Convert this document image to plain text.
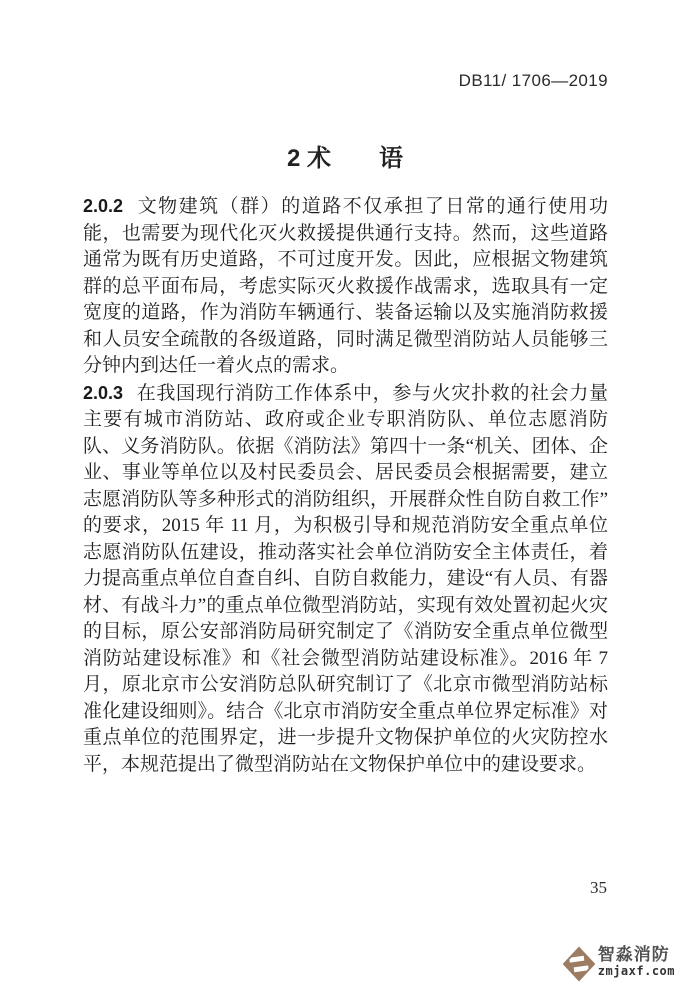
DB11/ 1706—2019
2 术　　语

2.0.2 文物建筑（群）的道路不仅承担了日常的通行使用功能，也需要为现代化灭火救援提供通行支持。然而，这些道路通常为既有历史道路，不可过度开发。因此，应根据文物建筑群的总平面布局，考虑实际灭火救援作战需求，选取具有一定宽度的道路，作为消防车辆通行、装备运输以及实施消防救援和人员安全疏散的各级道路，同时满足微型消防站人员能够三分钟内到达任一着火点的需求。

2.0.3 在我国现行消防工作体系中，参与火灾扑救的社会力量主要有城市消防站、政府或企业专职消防队、单位志愿消防队、义务消防队。依据《消防法》第四十一条“机关、团体、企业、事业等单位以及村民委员会、居民委员会根据需要，建立志愿消防队等多种形式的消防组织，开展群众性自防自救工作”的要求，2015 年 11 月，为积极引导和规范消防安全重点单位志愿消防队伍建设，推动落实社会单位消防安全主体责任，着力提高重点单位自查自纠、自防自救能力，建设“有人员、有器材、有战斗力”的重点单位微型消防站，实现有效处置初起火灾的目标，原公安部消防局研究制定了《消防安全重点单位微型消防站建设标准》和《社会微型消防站建设标准》。2016 年 7 月，原北京市公安消防总队研究制订了《北京市微型消防站标准化建设细则》。结合《北京市消防安全重点单位界定标准》对重点单位的范围界定，进一步提升文物保护单位的火灾防控水平，本规范提出了微型消防站在文物保护单位中的建设要求。

35
智淼消防
zmjaxf.com
